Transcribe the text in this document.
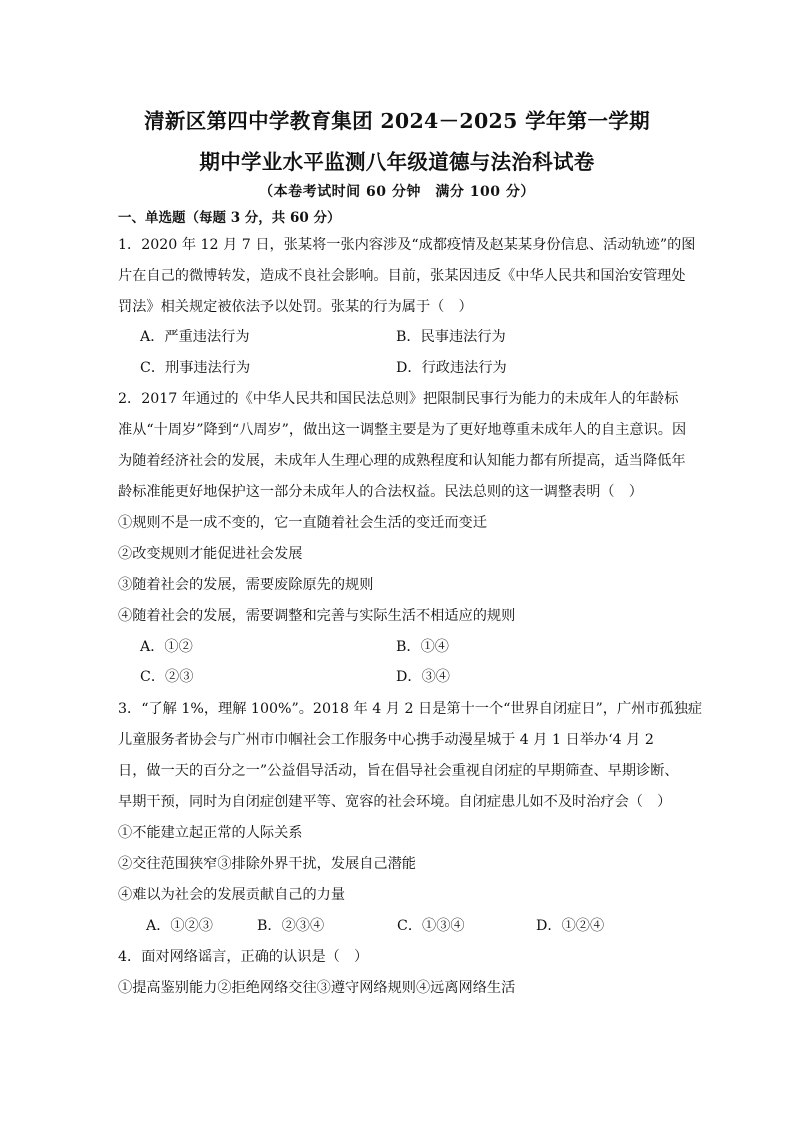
清新区第四中学教育集团 2024－2025 学年第一学期
期中学业水平监测八年级道德与法治科试卷
（本卷考试时间 60 分钟　满分 100 分）
一、单选题（每题 3 分，共 60 分）
1．2020 年 12 月 7 日，张某将一张内容涉及“成都疫情及赵某某身份信息、活动轨迹”的图
片在自己的微博转发，造成不良社会影响。目前，张某因违反《中华人民共和国治安管理处
罚法》相关规定被依法予以处罚。张某的行为属于（　）
A．严重违法行为	B．民事违法行为
C．刑事违法行为	D．行政违法行为
2．2017 年通过的《中华人民共和国民法总则》把限制民事行为能力的未成年人的年龄标
准从“十周岁”降到“八周岁”，做出这一调整主要是为了更好地尊重未成年人的自主意识。因
为随着经济社会的发展，未成年人生理心理的成熟程度和认知能力都有所提高，适当降低年
龄标准能更好地保护这一部分未成年人的合法权益。民法总则的这一调整表明（　）
①规则不是一成不变的，它一直随着社会生活的变迁而变迁
②改变规则才能促进社会发展
③随着社会的发展，需要废除原先的规则
④随着社会的发展，需要调整和完善与实际生活不相适应的规则
A．①②	B．①④
C．②③	D．③④
3．“了解 1%，理解 100%”。2018 年 4 月 2 日是第十一个“世界自闭症日”，广州市孤独症
儿童服务者协会与广州市巾帼社会工作服务中心携手动漫星城于 4 月 1 日举办‘4 月 2
日，做一天的百分之一”公益倡导活动，旨在倡导社会重视自闭症的早期筛查、早期诊断、
早期干预，同时为自闭症创建平等、宽容的社会环境。自闭症患儿如不及时治疗会（　）
①不能建立起正常的人际关系
②交往范围狭窄③排除外界干扰，发展自己潜能
④难以为社会的发展贡献自己的力量
A．①②③	B．②③④	C．①③④	D．①②④
4．面对网络谣言，正确的认识是（　）
①提高鉴别能力②拒绝网络交往③遵守网络规则④远离网络生活
